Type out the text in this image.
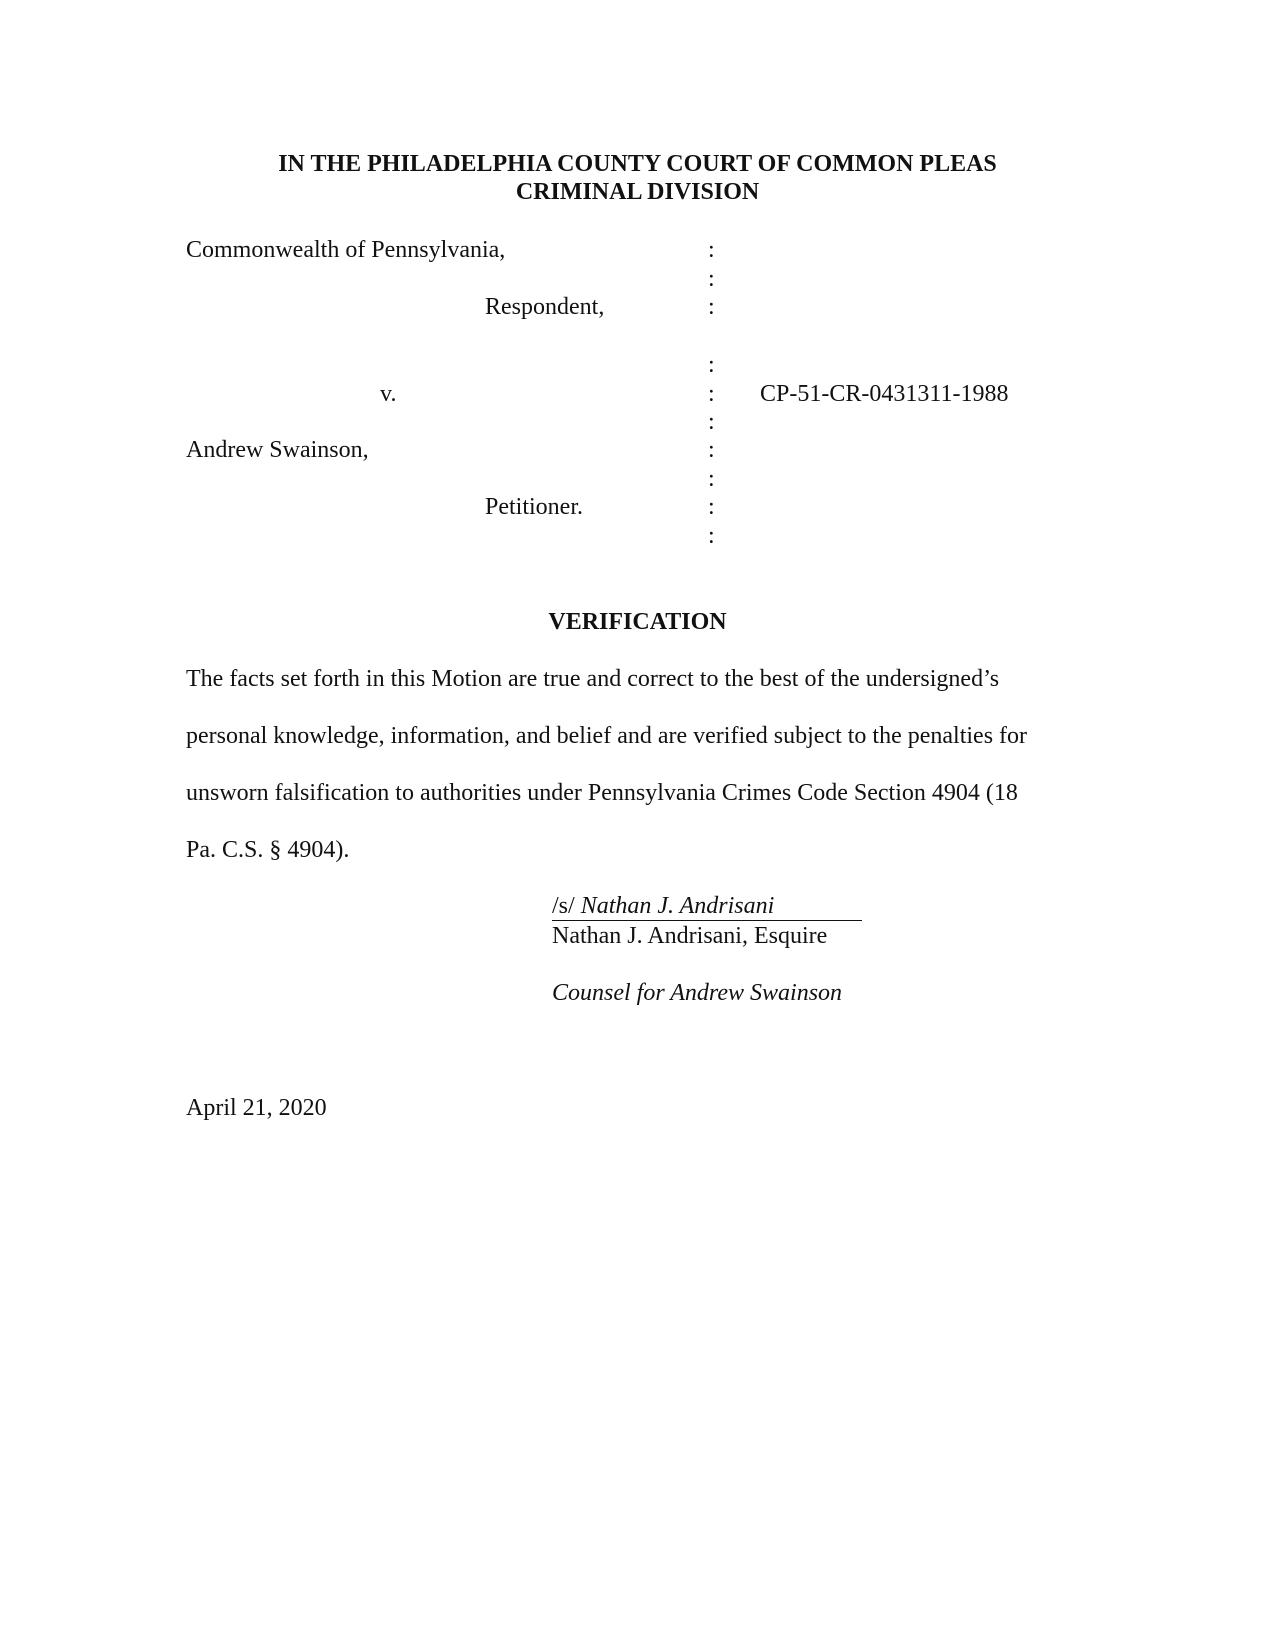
IN THE PHILADELPHIA COUNTY COURT OF COMMON PLEAS
CRIMINAL DIVISION
Commonwealth of Pennsylvania,
Respondent,
v.
Andrew Swainson,
Petitioner.
CP-51-CR-0431311-1988
:
:
:
:
:
:
:
:
:
:
VERIFICATION
The facts set forth in this Motion are true and correct to the best of the undersigned’s
personal knowledge, information, and belief and are verified subject to the penalties for
unsworn falsification to authorities under Pennsylvania Crimes Code Section 4904 (18
Pa. C.S. § 4904).
/s/ Nathan J. Andrisani
Nathan J. Andrisani, Esquire
Counsel for Andrew Swainson
April 21, 2020
